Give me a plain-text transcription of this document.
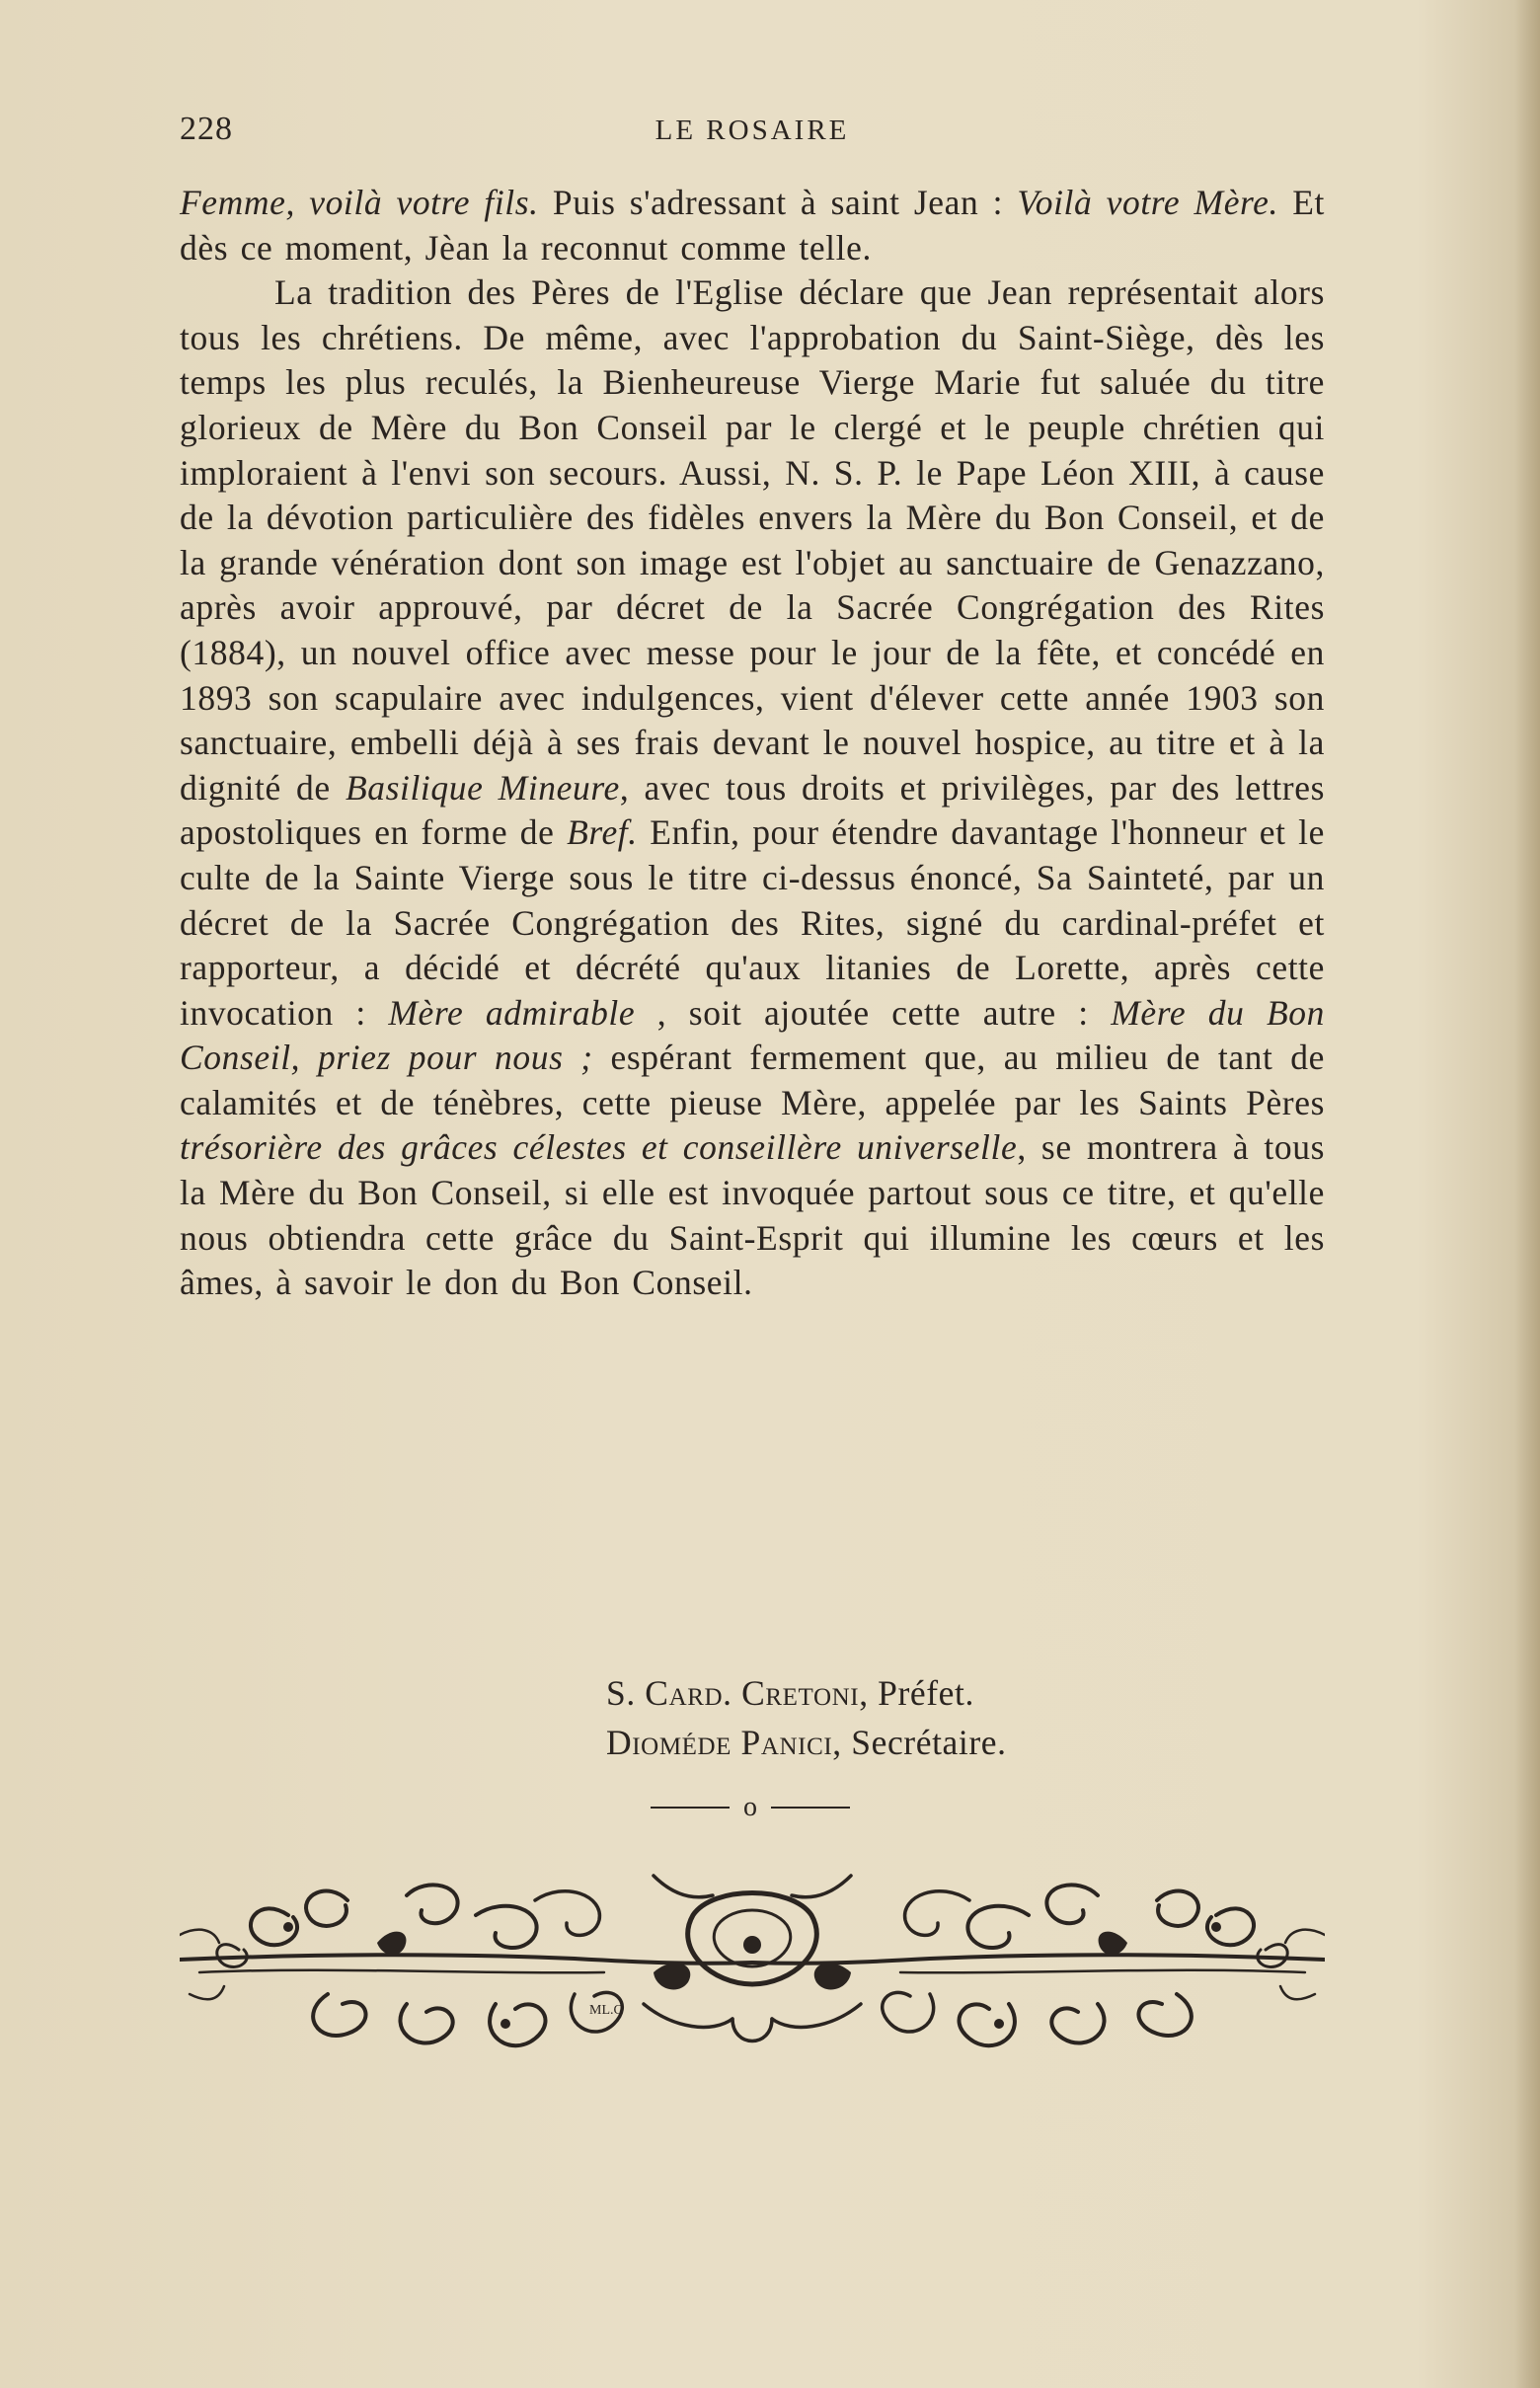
228	LE ROSAIRE

Femme, voilà votre fils. Puis s'adressant à saint Jean : Voilà votre Mère. Et dès ce moment, Jèan la reconnut comme telle.

La tradition des Pères de l'Eglise déclare que Jean représentait alors tous les chrétiens. De même, avec l'approbation du Saint-Siège, dès les temps les plus reculés, la Bienheureuse Vierge Marie fut saluée du titre glorieux de Mère du Bon Conseil par le clergé et le peuple chrétien qui imploraient à l'envi son secours. Aussi, N. S. P. le Pape Léon XIII, à cause de la dévotion particulière des fidèles envers la Mère du Bon Conseil, et de la grande vénération dont son image est l'objet au sanctuaire de Genazzano, après avoir approuvé, par décret de la Sacrée Congrégation des Rites (1884), un nouvel office avec messe pour le jour de la fête, et concédé en 1893 son scapulaire avec indulgences, vient d'élever cette année 1903 son sanctuaire, embelli déjà à ses frais devant le nouvel hospice, au titre et à la dignité de Basilique Mineure, avec tous droits et privilèges, par des lettres apostoliques en forme de Bref. Enfin, pour étendre davantage l'honneur et le culte de la Sainte Vierge sous le titre ci-dessus énoncé, Sa Sainteté, par un décret de la Sacrée Congrégation des Rites, signé du cardinal-préfet et rapporteur, a décidé et décrété qu'aux litanies de Lorette, après cette invocation : Mère admirable , soit ajoutée cette autre : Mère du Bon Conseil, priez pour nous ; espérant fermement que, au milieu de tant de calamités et de ténèbres, cette pieuse Mère, appelée par les Saints Pères trésorière des grâces célestes et conseillère universelle, se montrera à tous la Mère du Bon Conseil, si elle est invoquée partout sous ce titre, et qu'elle nous obtiendra cette grâce du Saint-Esprit qui illumine les cœurs et les âmes, à savoir le don du Bon Conseil.

S. Card. Cretoni, Préfet.
Dioméde Panici, Secrétaire.
o
ML.C
